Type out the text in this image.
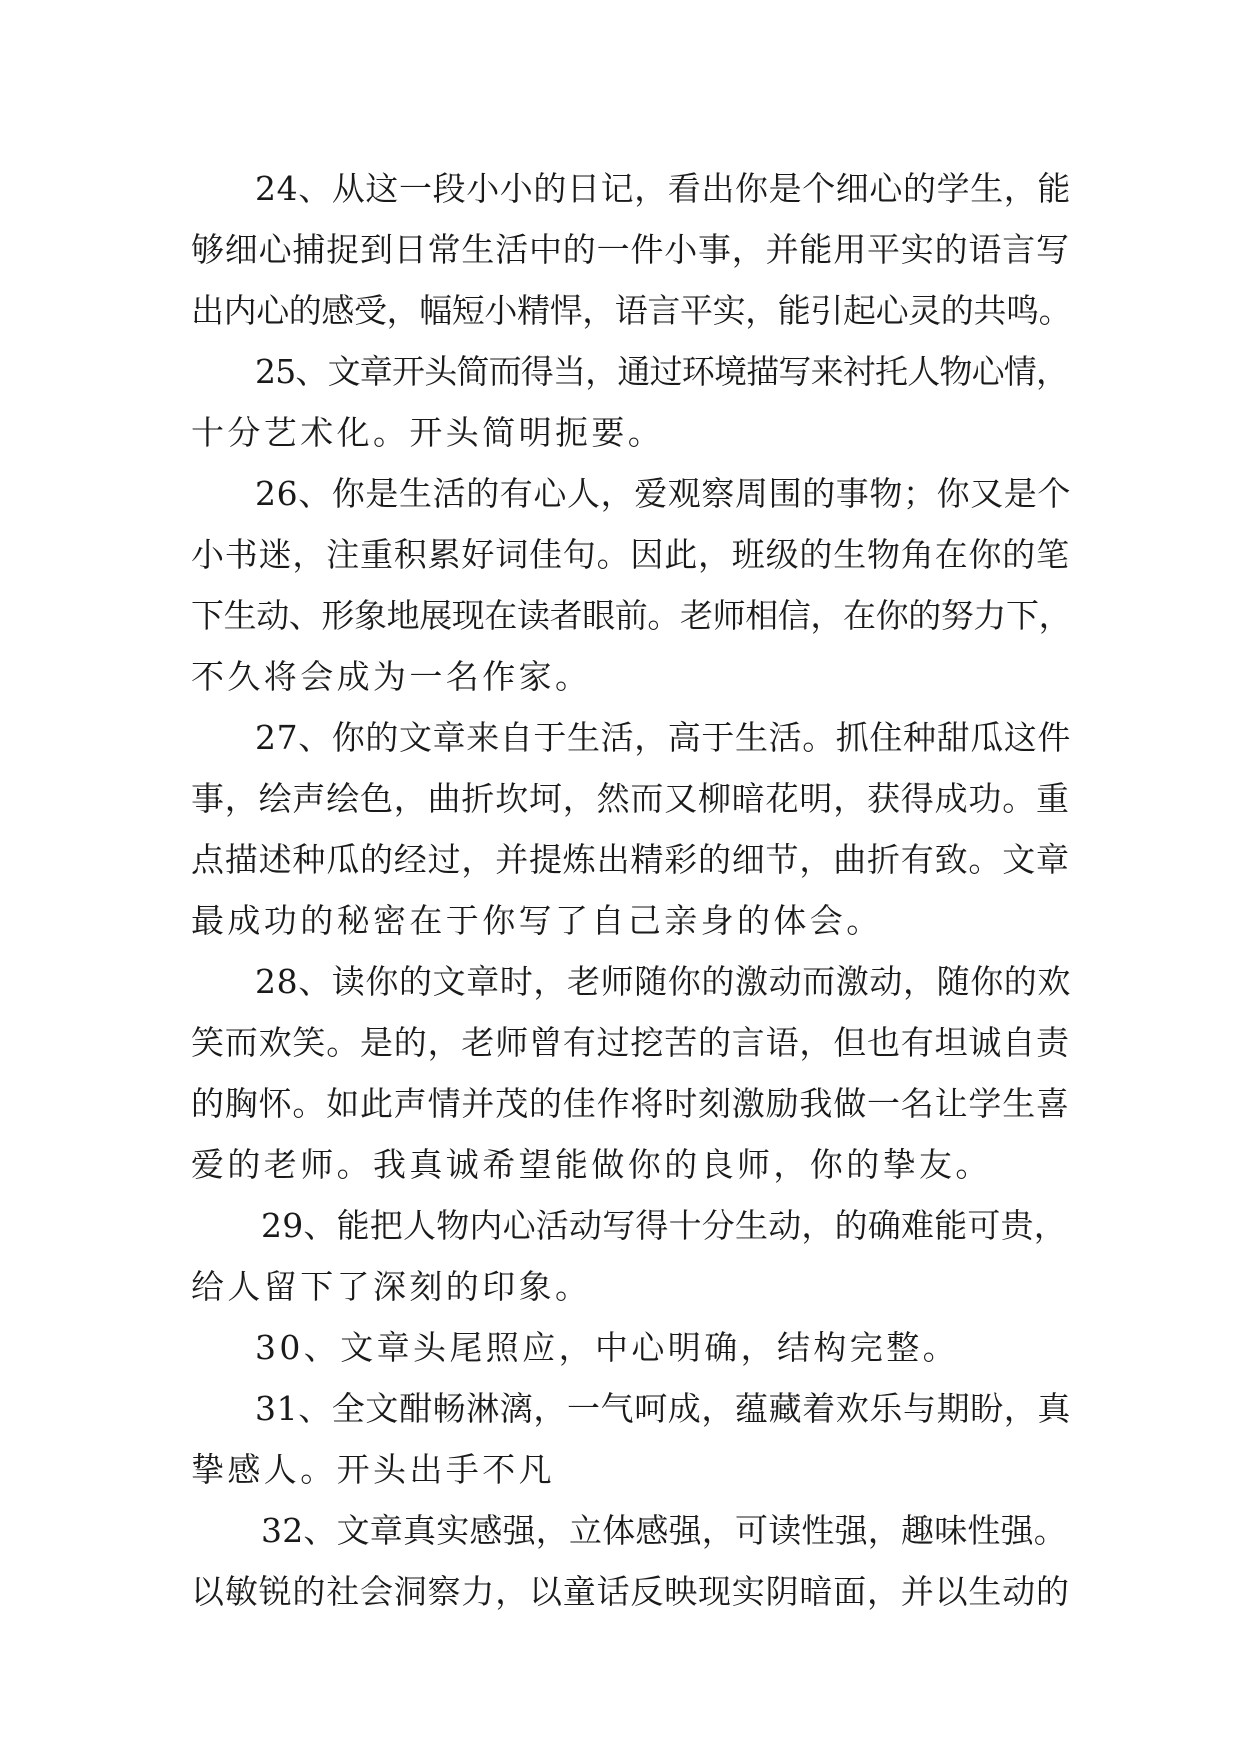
24、从这一段小小的日记，看出你是个细心的学生，能
够细心捕捉到日常生活中的一件小事，并能用平实的语言写
出内心的感受，幅短小精悍，语言平实，能引起心灵的共鸣。
25、文章开头简而得当，通过环境描写来衬托人物心情，
十分艺术化。开头简明扼要。
26、你是生活的有心人，爱观察周围的事物；你又是个
小书迷，注重积累好词佳句。因此，班级的生物角在你的笔
下生动、形象地展现在读者眼前。老师相信，在你的努力下，
不久将会成为一名作家。
27、你的文章来自于生活，高于生活。抓住种甜瓜这件
事，绘声绘色，曲折坎坷，然而又柳暗花明，获得成功。重
点描述种瓜的经过，并提炼出精彩的细节，曲折有致。文章
最成功的秘密在于你写了自己亲身的体会。
28、读你的文章时，老师随你的激动而激动，随你的欢
笑而欢笑。是的，老师曾有过挖苦的言语，但也有坦诚自责
的胸怀。如此声情并茂的佳作将时刻激励我做一名让学生喜
爱的老师。我真诚希望能做你的良师，你的挚友。
29、能把人物内心活动写得十分生动，的确难能可贵，
给人留下了深刻的印象。
30、文章头尾照应，中心明确，结构完整。
31、全文酣畅淋漓，一气呵成，蕴藏着欢乐与期盼，真
挚感人。开头出手不凡
32、文章真实感强，立体感强，可读性强，趣味性强。
以敏锐的社会洞察力，以童话反映现实阴暗面，并以生动的
